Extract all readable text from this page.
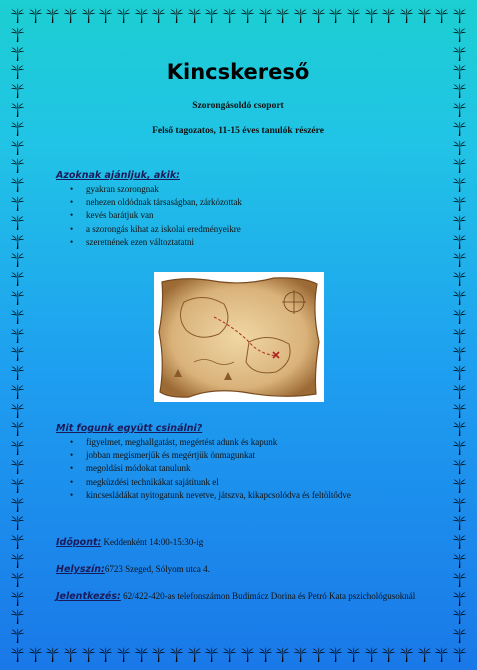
Kincskereső
Szorongásoldó csoport
Felső tagozatos, 11-15 éves tanulók részére
Azoknak ajánljuk, akik:
• gyakran szorongnak
• nehezen oldódnak társaságban, zárkózottak
• kevés barátjuk van
• a szorongás kihat az iskolai eredményeikre
• szeretnének ezen változtatatni
Mit fogunk együtt csinálni?
• figyelmet, meghallgatást, megértést adunk és kapunk
• jobban megismerjük és megértjük önmagunkat
• megoldási módokat tanulunk
• megküzdési technikákat sajátítunk el
• kincsesládákat nyitogatunk nevetve, játszva, kikapcsolódva és feltöltődve
Időpont: Keddenként 14:00-15:30-ig
Helyszín:6723 Szeged, Sólyom utca 4.
Jelentkezés: 62/422-420-as telefonszámon Budimácz Dorina és Petró Kata pszichológusoknál
